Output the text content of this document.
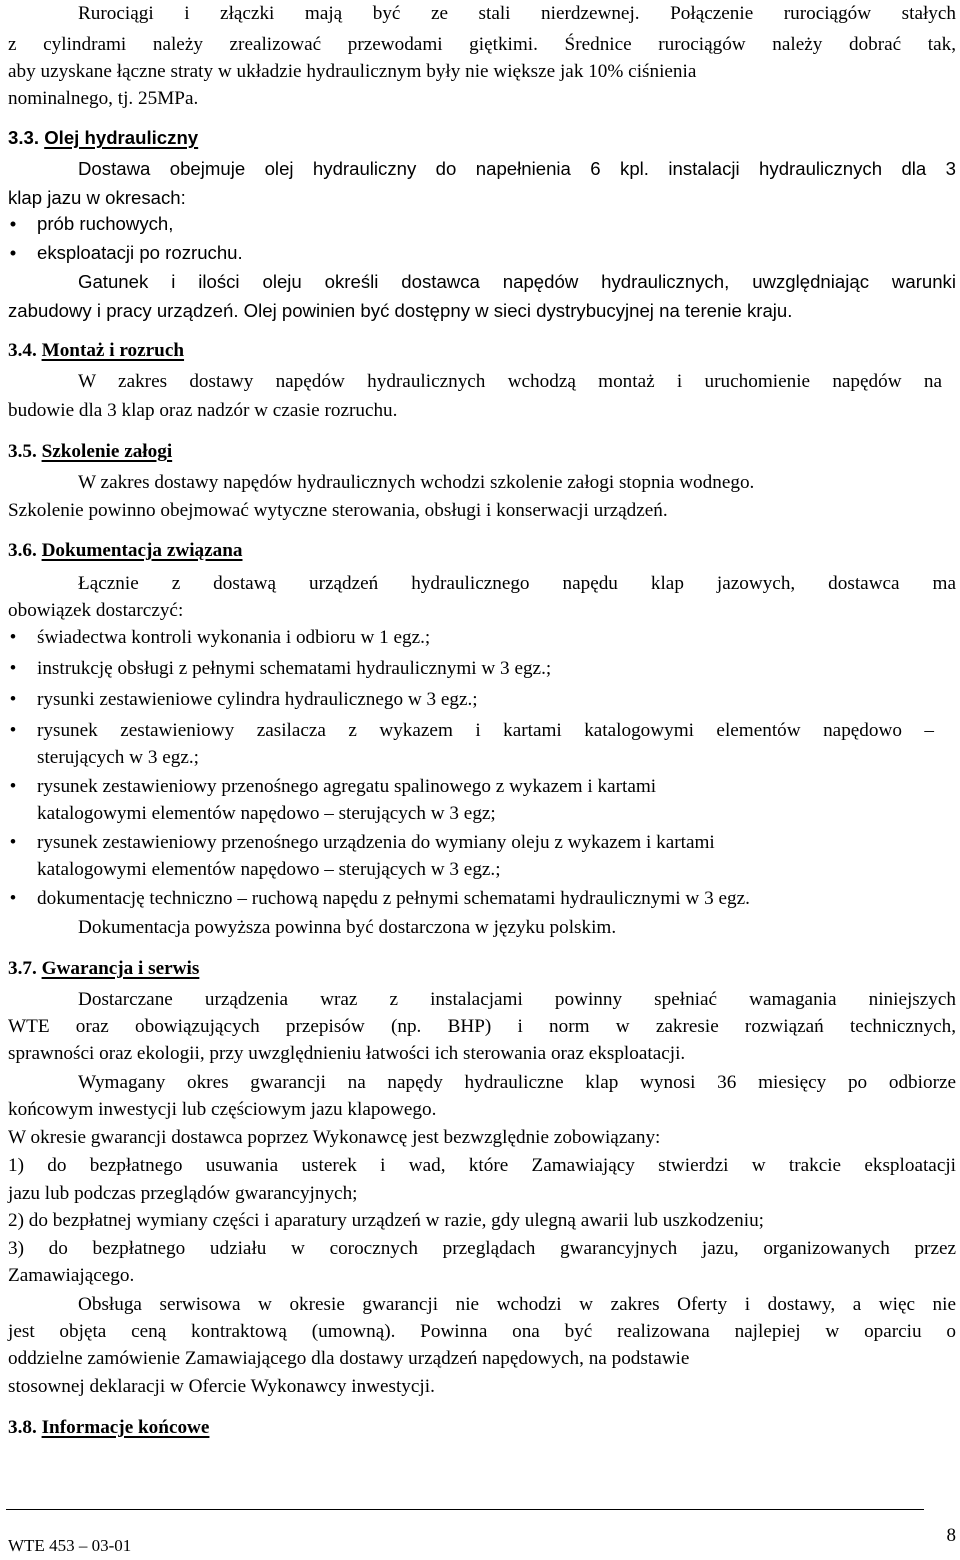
Rurociągi i złączki mają być ze stali nierdzewnej. Połączenie rurociągów stałych
z cylindrami należy zrealizować przewodami giętkimi. Średnice rurociągów należy dobrać tak,
aby uzyskane łączne straty w układzie hydraulicznym były nie większe jak 10% ciśnienia
nominalnego, tj. 25MPa.
3.3. Olej hydrauliczny
Dostawa obejmuje olej hydrauliczny do napełnienia 6 kpl. instalacji hydraulicznych dla 3
klap jazu w okresach:
• prób ruchowych,
• eksploatacji po rozruchu.
Gatunek i ilości oleju określi dostawca napędów hydraulicznych, uwzględniając warunki
zabudowy i pracy urządzeń. Olej powinien być dostępny w sieci dystrybucyjnej na terenie kraju.
3.4. Montaż i rozruch
W zakres dostawy napędów hydraulicznych wchodzą montaż i uruchomienie napędów na
budowie dla 3 klap oraz nadzór w czasie rozruchu.
3.5. Szkolenie załogi
W zakres dostawy napędów hydraulicznych wchodzi szkolenie załogi stopnia wodnego.
Szkolenie powinno obejmować wytyczne sterowania, obsługi i konserwacji urządzeń.
3.6. Dokumentacja związana
Łącznie z dostawą urządzeń hydraulicznego napędu klap jazowych, dostawca ma
obowiązek dostarczyć:
• świadectwa kontroli wykonania i odbioru w 1 egz.;
• instrukcję obsługi z pełnymi schematami hydraulicznymi w 3 egz.;
• rysunki zestawieniowe cylindra hydraulicznego w 3 egz.;
• rysunek zestawieniowy zasilacza z wykazem i kartami katalogowymi elementów napędowo –
sterujących w 3 egz.;
• rysunek zestawieniowy przenośnego agregatu spalinowego z wykazem i kartami
katalogowymi elementów napędowo – sterujących w 3 egz;
• rysunek zestawieniowy przenośnego urządzenia do wymiany oleju z wykazem i kartami
katalogowymi elementów napędowo – sterujących w 3 egz.;
• dokumentację techniczno – ruchową napędu z pełnymi schematami hydraulicznymi w 3 egz.
Dokumentacja powyższa powinna być dostarczona w języku polskim.
3.7. Gwarancja i serwis
Dostarczane urządzenia wraz z instalacjami powinny spełniać wamagania niniejszych
WTE oraz obowiązujących przepisów (np. BHP) i norm w zakresie rozwiązań technicznych,
sprawności oraz ekologii, przy uwzględnieniu łatwości ich sterowania oraz eksploatacji.
Wymagany okres gwarancji na napędy hydrauliczne klap wynosi 36 miesięcy po odbiorze
końcowym inwestycji lub częściowym jazu klapowego.
W okresie gwarancji dostawca poprzez Wykonawcę jest bezwzględnie zobowiązany:
1) do bezpłatnego usuwania usterek i wad, które Zamawiający stwierdzi w trakcie eksploatacji
jazu lub podczas przeglądów gwarancyjnych;
2) do bezpłatnej wymiany części i aparatury urządzeń w razie, gdy ulegną awarii lub uszkodzeniu;
3) do bezpłatnego udziału w corocznych przeglądach gwarancyjnych jazu, organizowanych przez
Zamawiającego.
Obsługa serwisowa w okresie gwarancji nie wchodzi w zakres Oferty i dostawy, a więc nie
jest objęta ceną kontraktową (umowną). Powinna ona być realizowana najlepiej w oparciu o
oddzielne zamówienie Zamawiającego dla dostawy urządzeń napędowych, na podstawie
stosownej deklaracji w Ofercie Wykonawcy inwestycji.
3.8. Informacje końcowe
WTE 453 – 03-01	8
